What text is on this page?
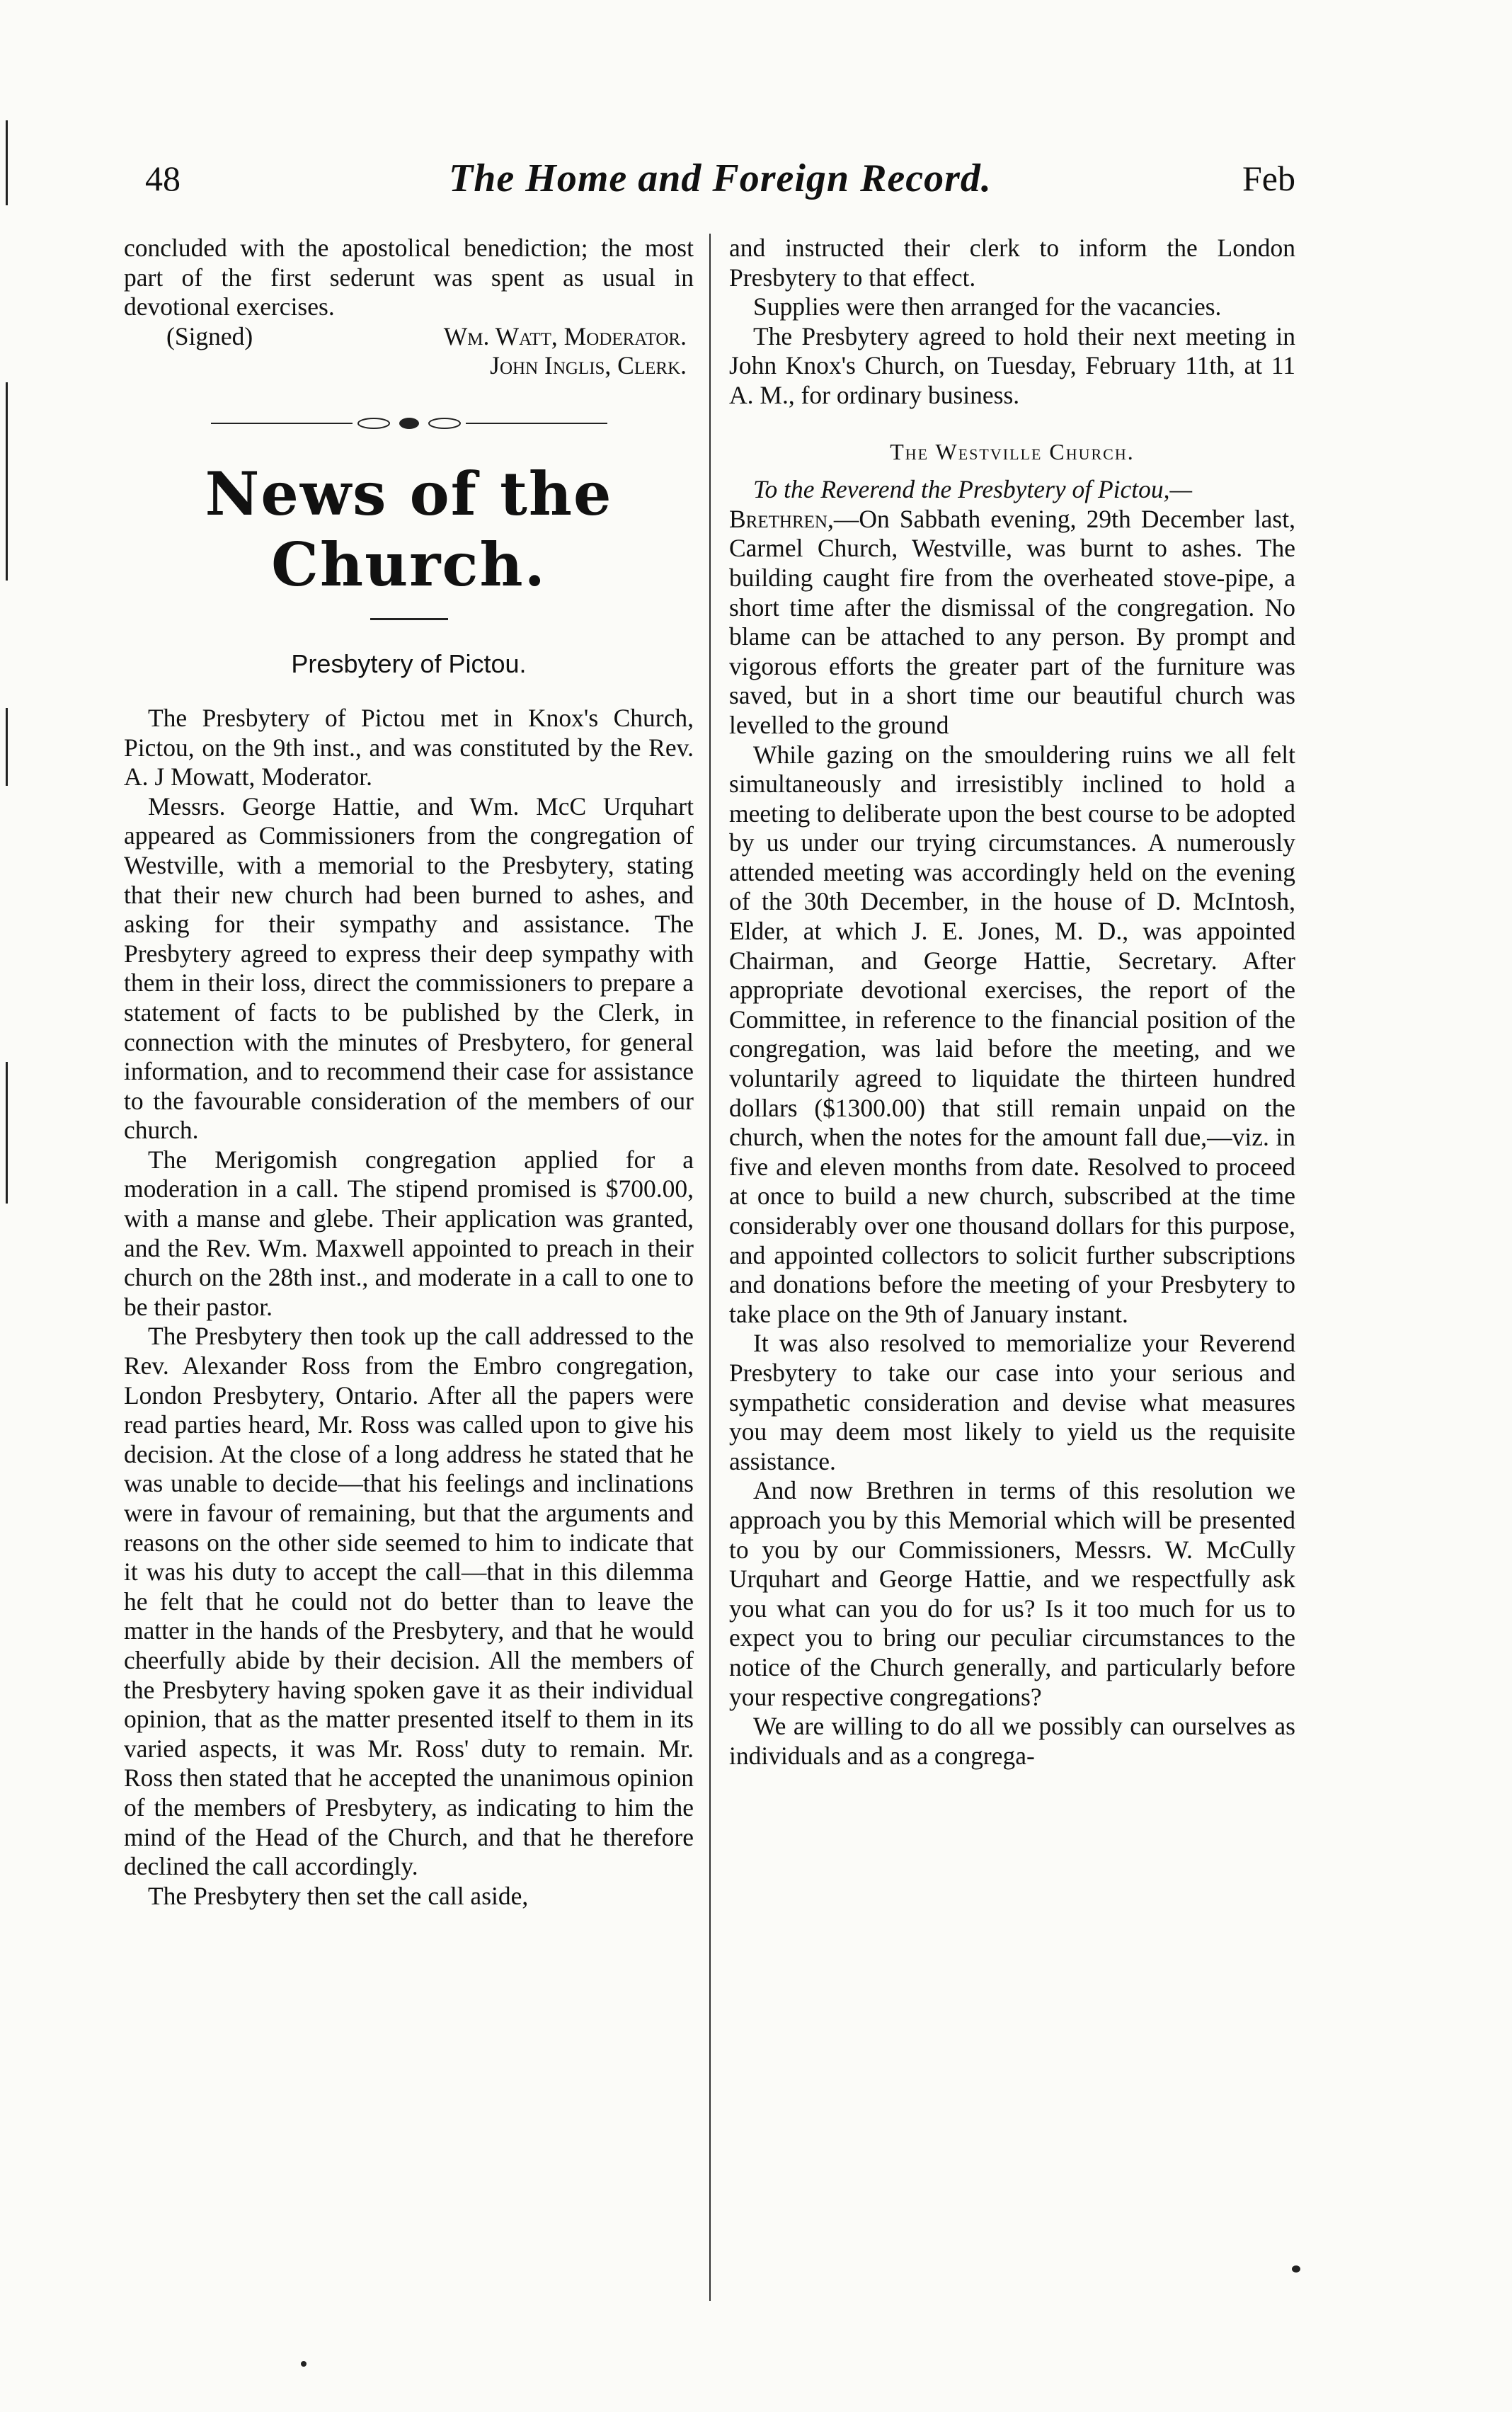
48	The Home and Foreign Record.	Feb

concluded with the apostolical benediction; the most part of the first sederunt was spent as usual in devotional exercises.

(Signed)	Wm. Watt, Moderator.
John Inglis, Clerk.
News of the Church.
Presbytery of Pictou.

The Presbytery of Pictou met in Knox's Church, Pictou, on the 9th inst., and was constituted by the Rev. A. J Mowatt, Moderator.

Messrs. George Hattie, and Wm. McC Urquhart appeared as Commissioners from the congregation of Westville, with a memorial to the Presbytery, stating that their new church had been burned to ashes, and asking for their sympathy and assistance. The Presbytery agreed to express their deep sympathy with them in their loss, direct the commissioners to prepare a statement of facts to be published by the Clerk, in connection with the minutes of Presbytero, for general information, and to recommend their case for assistance to the favourable consideration of the members of our church.

The Merigomish congregation applied for a moderation in a call. The stipend promised is $700.00, with a manse and glebe. Their application was granted, and the Rev. Wm. Maxwell appointed to preach in their church on the 28th inst., and moderate in a call to one to be their pastor.

The Presbytery then took up the call addressed to the Rev. Alexander Ross from the Embro congregation, London Presbytery, Ontario. After all the papers were read parties heard, Mr. Ross was called upon to give his decision. At the close of a long address he stated that he was unable to decide—that his feelings and inclinations were in favour of remaining, but that the arguments and reasons on the other side seemed to him to indicate that it was his duty to accept the call—that in this dilemma he felt that he could not do better than to leave the matter in the hands of the Presbytery, and that he would cheerfully abide by their decision. All the members of the Presbytery having spoken gave it as their individual opinion, that as the matter presented itself to them in its varied aspects, it was Mr. Ross' duty to remain. Mr. Ross then stated that he accepted the unanimous opinion of the members of Presbytery, as indicating to him the mind of the Head of the Church, and that he therefore declined the call accordingly.

The Presbytery then set the call aside,

and instructed their clerk to inform the London Presbytery to that effect.

Supplies were then arranged for the vacancies.

The Presbytery agreed to hold their next meeting in John Knox's Church, on Tuesday, February 11th, at 11 A. M., for ordinary business.

The Westville Church.

To the Reverend the Presbytery of Pictou,—

Brethren,—On Sabbath evening, 29th December last, Carmel Church, Westville, was burnt to ashes. The building caught fire from the overheated stove-pipe, a short time after the dismissal of the congregation. No blame can be attached to any person. By prompt and vigorous efforts the greater part of the furniture was saved, but in a short time our beautiful church was levelled to the ground

While gazing on the smouldering ruins we all felt simultaneously and irresistibly inclined to hold a meeting to deliberate upon the best course to be adopted by us under our trying circumstances. A numerously attended meeting was accordingly held on the evening of the 30th December, in the house of D. McIntosh, Elder, at which J. E. Jones, M. D., was appointed Chairman, and George Hattie, Secretary. After appropriate devotional exercises, the report of the Committee, in reference to the financial position of the congregation, was laid before the meeting, and we voluntarily agreed to liquidate the thirteen hundred dollars ($1300.00) that still remain unpaid on the church, when the notes for the amount fall due,—viz. in five and eleven months from date. Resolved to proceed at once to build a new church, subscribed at the time considerably over one thousand dollars for this purpose, and appointed collectors to solicit further subscriptions and donations before the meeting of your Presbytery to take place on the 9th of January instant.

It was also resolved to memorialize your Reverend Presbytery to take our case into your serious and sympathetic consideration and devise what measures you may deem most likely to yield us the requisite assistance.

And now Brethren in terms of this resolution we approach you by this Memorial which will be presented to you by our Commissioners, Messrs. W. McCully Urquhart and George Hattie, and we respectfully ask you what can you do for us? Is it too much for us to expect you to bring our peculiar circumstances to the notice of the Church generally, and particularly before your respective congregations?

We are willing to do all we possibly can ourselves as individuals and as a congrega-
